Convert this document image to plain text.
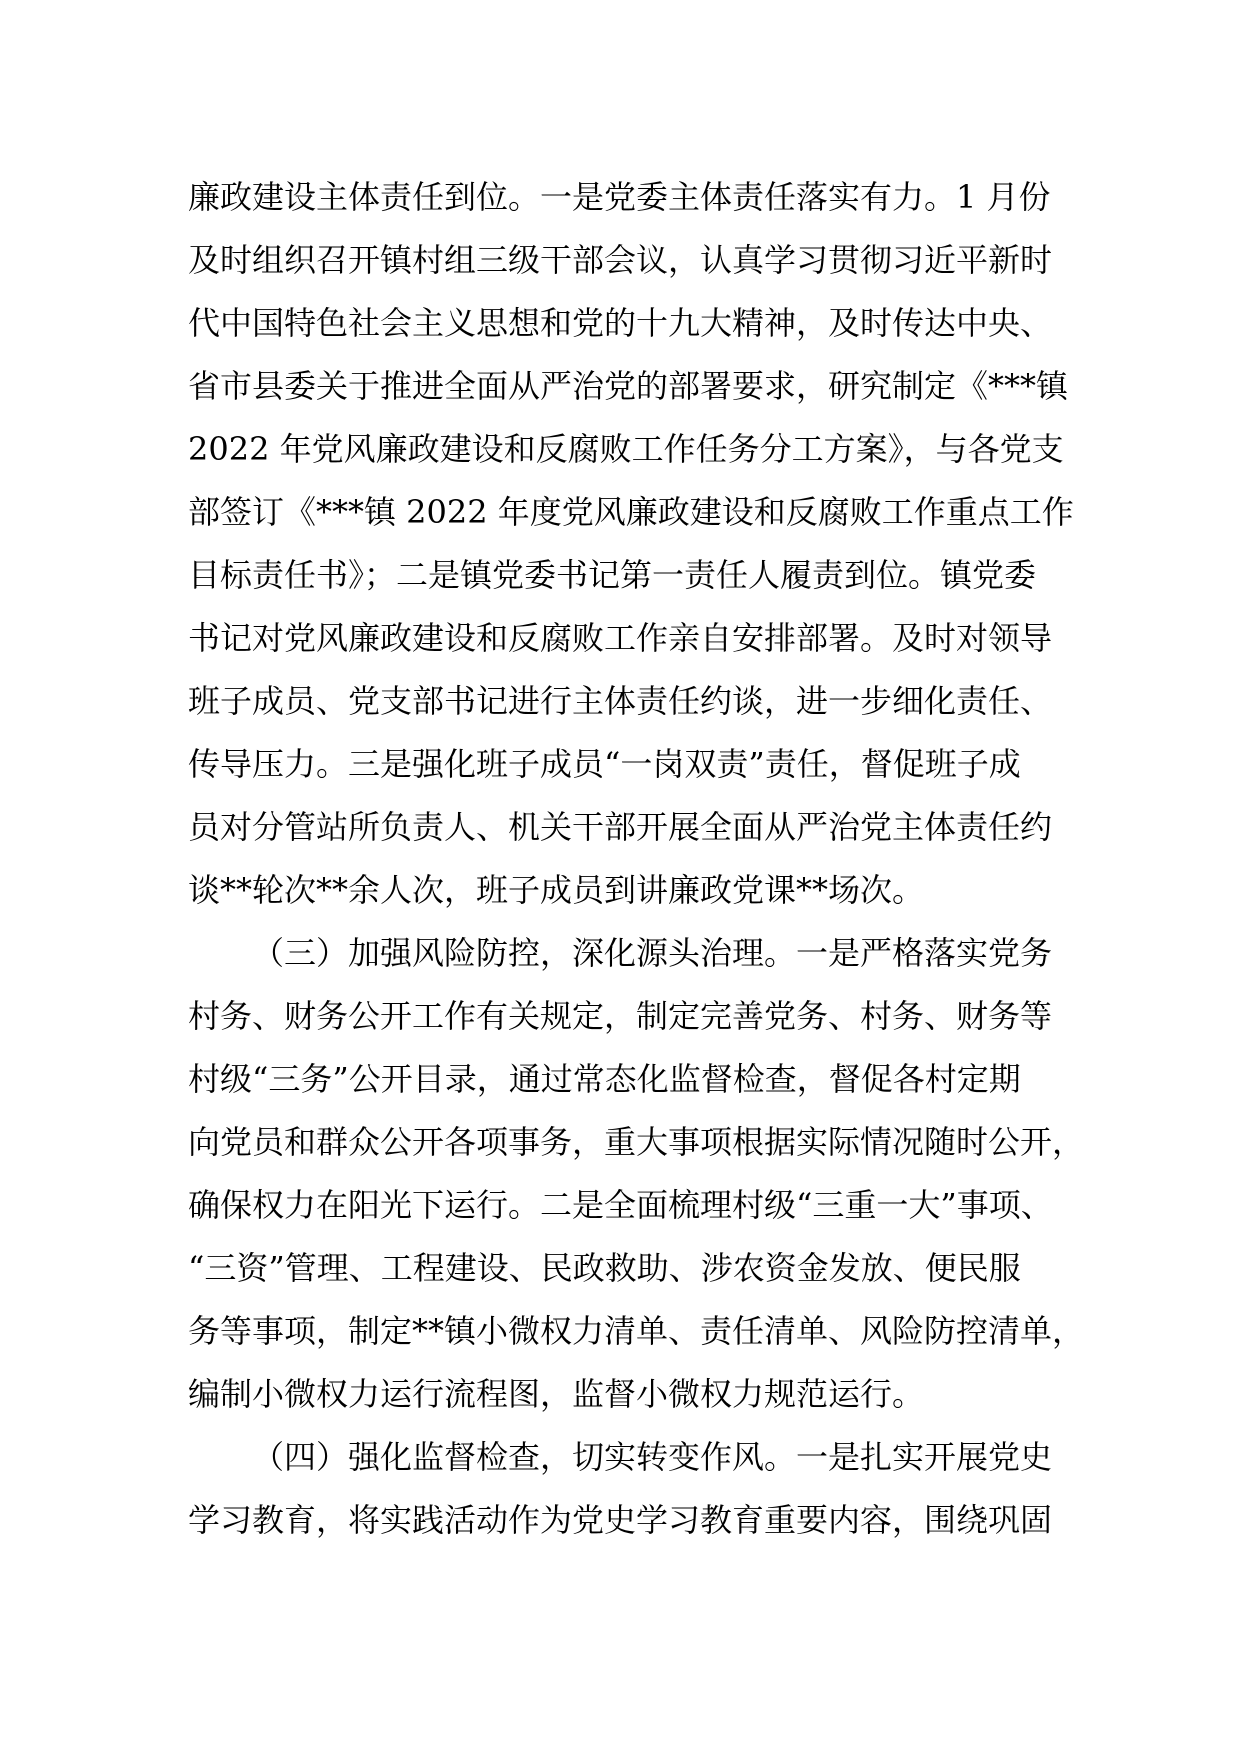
廉政建设主体责任到位。一是党委主体责任落实有力。1 月份
及时组织召开镇村组三级干部会议，认真学习贯彻习近平新时
代中国特色社会主义思想和党的十九大精神，及时传达中央、
省市县委关于推进全面从严治党的部署要求，研究制定《***镇
2022 年党风廉政建设和反腐败工作任务分工方案》，与各党支
部签订《***镇 2022 年度党风廉政建设和反腐败工作重点工作
目标责任书》；二是镇党委书记第一责任人履责到位。镇党委
书记对党风廉政建设和反腐败工作亲自安排部署。及时对领导
班子成员、党支部书记进行主体责任约谈，进一步细化责任、
传导压力。三是强化班子成员“一岗双责”责任，督促班子成
员对分管站所负责人、机关干部开展全面从严治党主体责任约
谈**轮次**余人次，班子成员到讲廉政党课**场次。
（三）加强风险防控，深化源头治理。一是严格落实党务
村务、财务公开工作有关规定，制定完善党务、村务、财务等
村级“三务”公开目录，通过常态化监督检查，督促各村定期
向党员和群众公开各项事务，重大事项根据实际情况随时公开，
确保权力在阳光下运行。二是全面梳理村级“三重一大”事项、
“三资”管理、工程建设、民政救助、涉农资金发放、便民服
务等事项，制定**镇小微权力清单、责任清单、风险防控清单，
编制小微权力运行流程图，监督小微权力规范运行。
（四）强化监督检查，切实转变作风。一是扎实开展党史
学习教育，将实践活动作为党史学习教育重要内容，围绕巩固
